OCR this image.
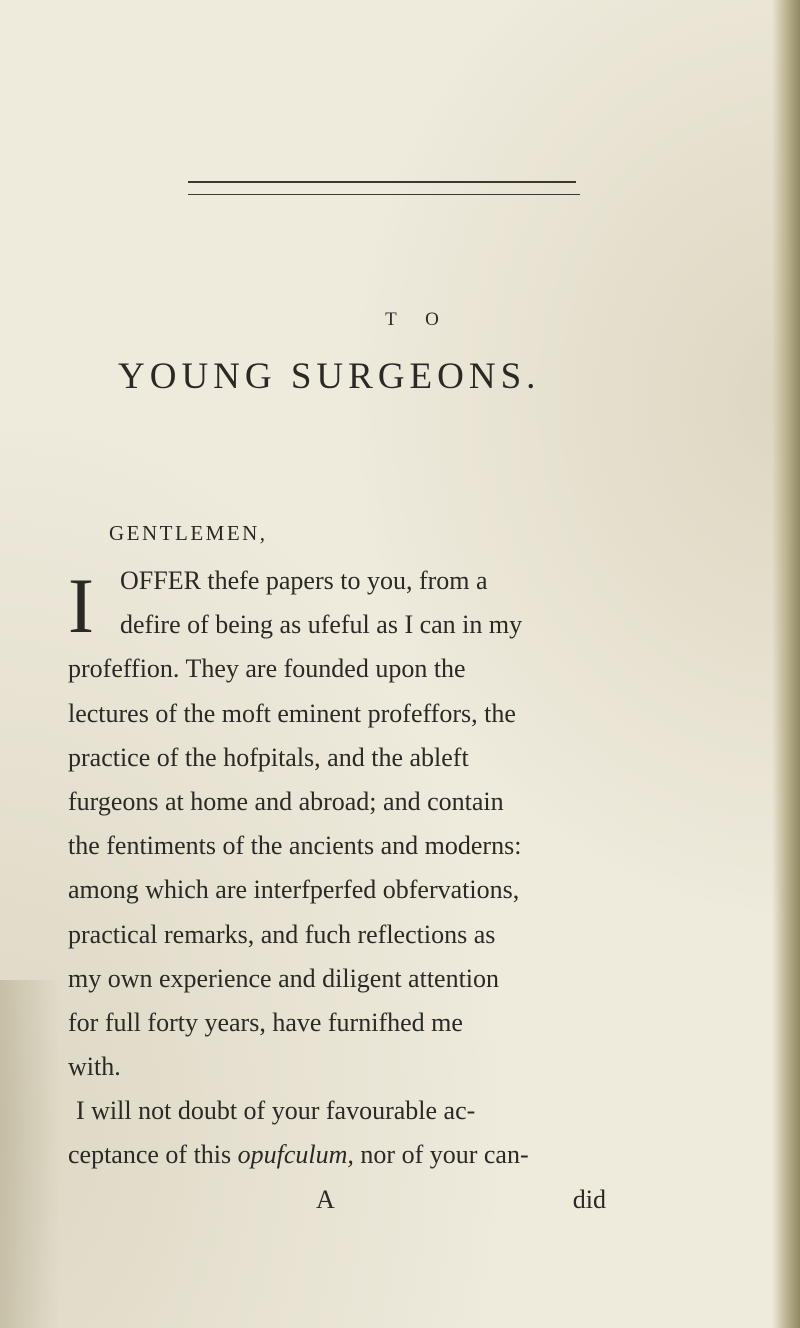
T O
YOUNG SURGEONS.
GENTLEMEN,
I OFFER thefe papers to you, from a
defire of being as ufeful as I can in my
profeffion. They are founded upon the
lectures of the moft eminent profeffors, the
practice of the hofpitals, and the ableft
furgeons at home and abroad; and contain
the fentiments of the ancients and moderns:
among which are interfperfed obfervations,
practical remarks, and fuch reflections as
my own experience and diligent attention
for full forty years, have furnifhed me
with.
I will not doubt of your favourable ac-
ceptance of this
opufculum,
nor of your can-
A	did
